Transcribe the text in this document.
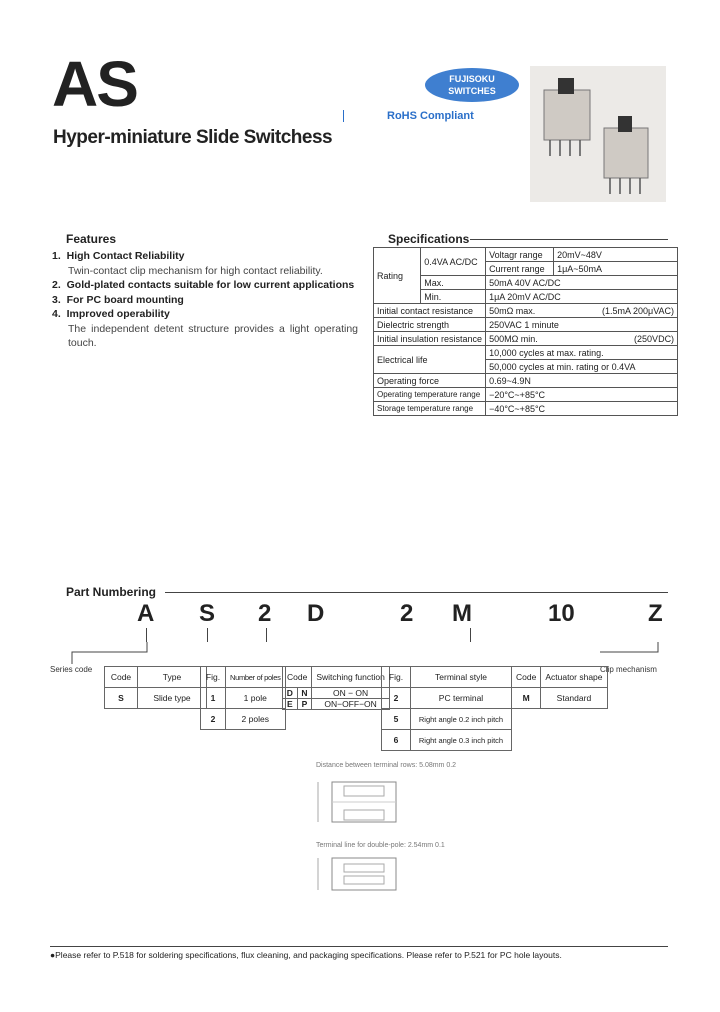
AS
Hyper-miniature Slide Switchess
FUJISOKU
SWITCHES
RoHS Compliant
Features
1. High Contact Reliability
Twin-contact clip mechanism for high contact reliability.
2. Gold-plated contacts suitable for low current applications
3. For PC board mounting
4. Improved operability
The independent detent structure provides a light operating touch.
Specifications
Rating	0.4VA AC/DC	Voltagr range	20mV~48V
		Current range	1μA~50mA
	Max.	50mA 40V AC/DC	
	Min.	1μA 20mV AC/DC	
Initial contact resistance		50mΩ max. (1.5mA 200μVAC)	

Dielectric strength		250VAC 1 minute	
Initial insulation resistance		500MΩ min. (250VDC)	

Electrical life		10,000 cycles at max. rating.	
		50,000 cycles at min. rating or 0.4VA	
Operating force		0.69~4.9N	
Operating temperature range		−20°C~+85°C	
Storage temperature range		−40°C~+85°C	
Part Numbering
A S 2 D	2 M	10	Z
Series code	Clip mechanism
Code	Type
S	Slide type
Fig.	Number of poles
1	1 pole
2	2 poles
Code		Switching function
D	N	ON − ON
E	P	ON−OFF−ON
Fig.	Terminal style
2	PC terminal
5	Right angle 0.2 inch pitch
6	Right angle 0.3 inch pitch
Code	Actuator shape
M	Standard
Distance between terminal rows: 5.08mm 0.2
Terminal line for double-pole: 2.54mm 0.1
●Please refer to P.518 for soldering specifications, flux cleaning, and packaging specifications. Please refer to P.521 for PC hole layouts.
